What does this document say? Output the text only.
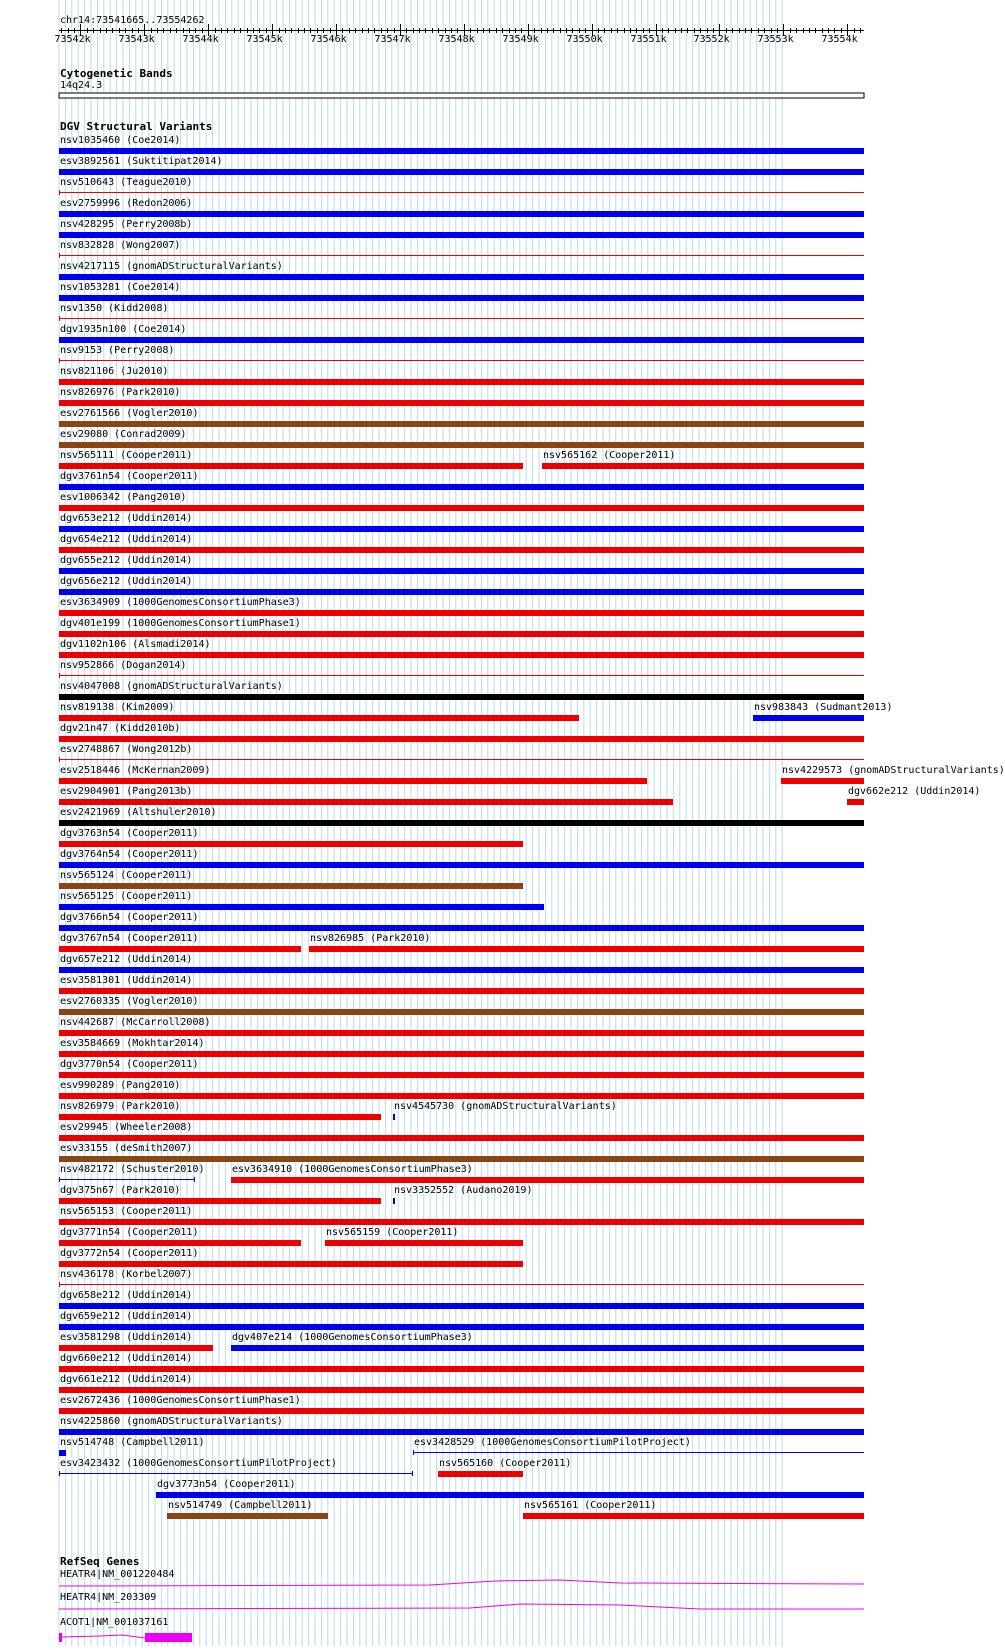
chr14:73541665..73554262
73542k	73543k	73544k	73545k	73546k	73547k	73548k	73549k	73550k	73551k	73552k	73553k	73554k
Cytogenetic Bands
14q24.3
DGV Structural Variants
nsv1035460 (Coe2014)
esv3892561 (Suktitipat2014)
nsv510643 (Teague2010)
esv2759996 (Redon2006)
nsv428295 (Perry2008b)
nsv832828 (Wong2007)
nsv4217115 (gnomADStructuralVariants)
nsv1053281 (Coe2014)
nsv1350 (Kidd2008)
dgv1935n100 (Coe2014)
nsv9153 (Perry2008)
nsv821106 (Ju2010)
nsv826976 (Park2010)
esv2761566 (Vogler2010)
esv29080 (Conrad2009)
nsv565111 (Cooper2011)	nsv565162 (Cooper2011)
dgv3761n54 (Cooper2011)
esv1006342 (Pang2010)
dgv653e212 (Uddin2014)
dgv654e212 (Uddin2014)
dgv655e212 (Uddin2014)
dgv656e212 (Uddin2014)
esv3634909 (1000GenomesConsortiumPhase3)
dgv401e199 (1000GenomesConsortiumPhase1)
dgv1102n106 (Alsmadi2014)
nsv952866 (Dogan2014)
nsv4047008 (gnomADStructuralVariants)
nsv819138 (Kim2009)	nsv983843 (Sudmant2013)
dgv21n47 (Kidd2010b)
esv2748867 (Wong2012b)
esv2518446 (McKernan2009)	nsv4229573 (gnomADStructuralVariants)
esv2904901 (Pang2013b)	dgv662e212 (Uddin2014)
esv2421969 (Altshuler2010)
dgv3763n54 (Cooper2011)
dgv3764n54 (Cooper2011)
nsv565124 (Cooper2011)
nsv565125 (Cooper2011)
dgv3766n54 (Cooper2011)
dgv3767n54 (Cooper2011)	nsv826985 (Park2010)
dgv657e212 (Uddin2014)
esv3581301 (Uddin2014)
esv2760335 (Vogler2010)
nsv442687 (McCarroll2008)
esv3584669 (Mokhtar2014)
dgv3770n54 (Cooper2011)
esv990289 (Pang2010)
nsv826979 (Park2010)	nsv4545730 (gnomADStructuralVariants)
esv29945 (Wheeler2008)
esv33155 (deSmith2007)
nsv482172 (Schuster2010)	esv3634910 (1000GenomesConsortiumPhase3)
dgv375n67 (Park2010)	nsv3352552 (Audano2019)
nsv565153 (Cooper2011)
dgv3771n54 (Cooper2011)	nsv565159 (Cooper2011)
dgv3772n54 (Cooper2011)
nsv436178 (Korbel2007)
dgv658e212 (Uddin2014)
dgv659e212 (Uddin2014)
esv3581298 (Uddin2014)	dgv407e214 (1000GenomesConsortiumPhase3)
dgv660e212 (Uddin2014)
dgv661e212 (Uddin2014)
esv2672436 (1000GenomesConsortiumPhase1)
nsv4225860 (gnomADStructuralVariants)
nsv514748 (Campbell2011)	esv3428529 (1000GenomesConsortiumPilotProject)
esv3423432 (1000GenomesConsortiumPilotProject)	nsv565160 (Cooper2011)
dgv3773n54 (Cooper2011)
nsv514749 (Campbell2011)	nsv565161 (Cooper2011)
RefSeq Genes
HEATR4|NM_001220484
HEATR4|NM_203309
ACOT1|NM_001037161
